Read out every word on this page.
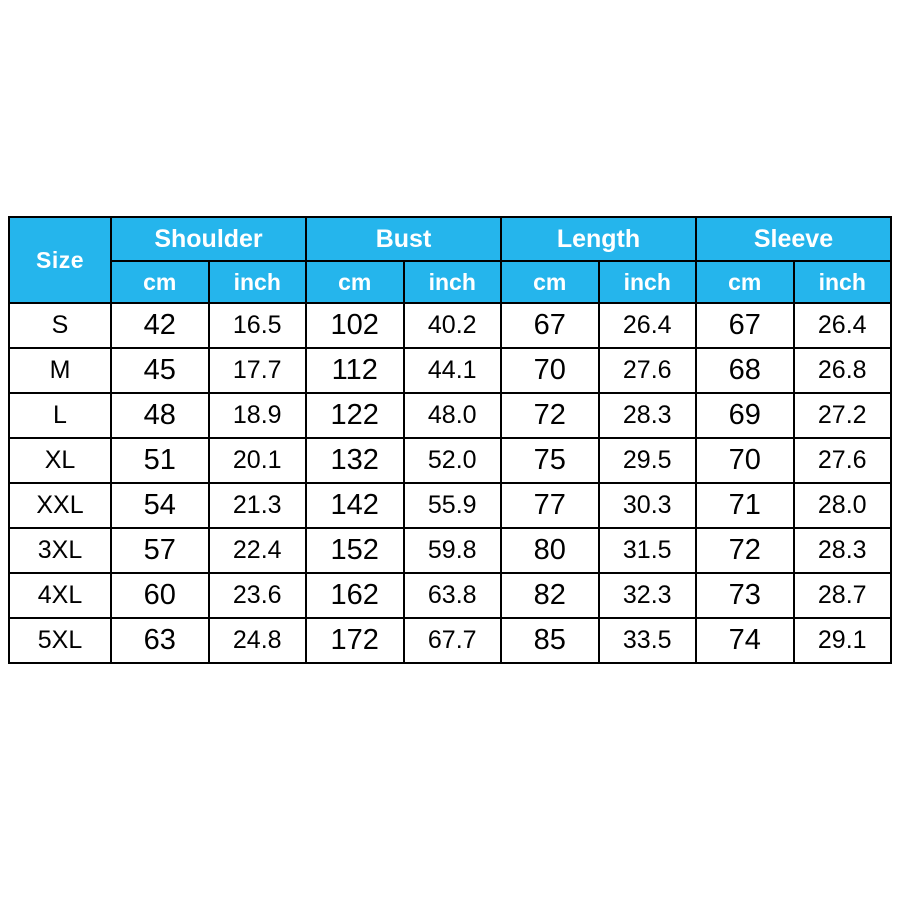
Size	Shoulder		Bust		Length		Sleeve	
	cm	inch	cm	inch	cm	inch	cm	inch
S	42	16.5	102	40.2	67	26.4	67	26.4
M	45	17.7	112	44.1	70	27.6	68	26.8
L	48	18.9	122	48.0	72	28.3	69	27.2
XL	51	20.1	132	52.0	75	29.5	70	27.6
XXL	54	21.3	142	55.9	77	30.3	71	28.0
3XL	57	22.4	152	59.8	80	31.5	72	28.3
4XL	60	23.6	162	63.8	82	32.3	73	28.7
5XL	63	24.8	172	67.7	85	33.5	74	29.1
